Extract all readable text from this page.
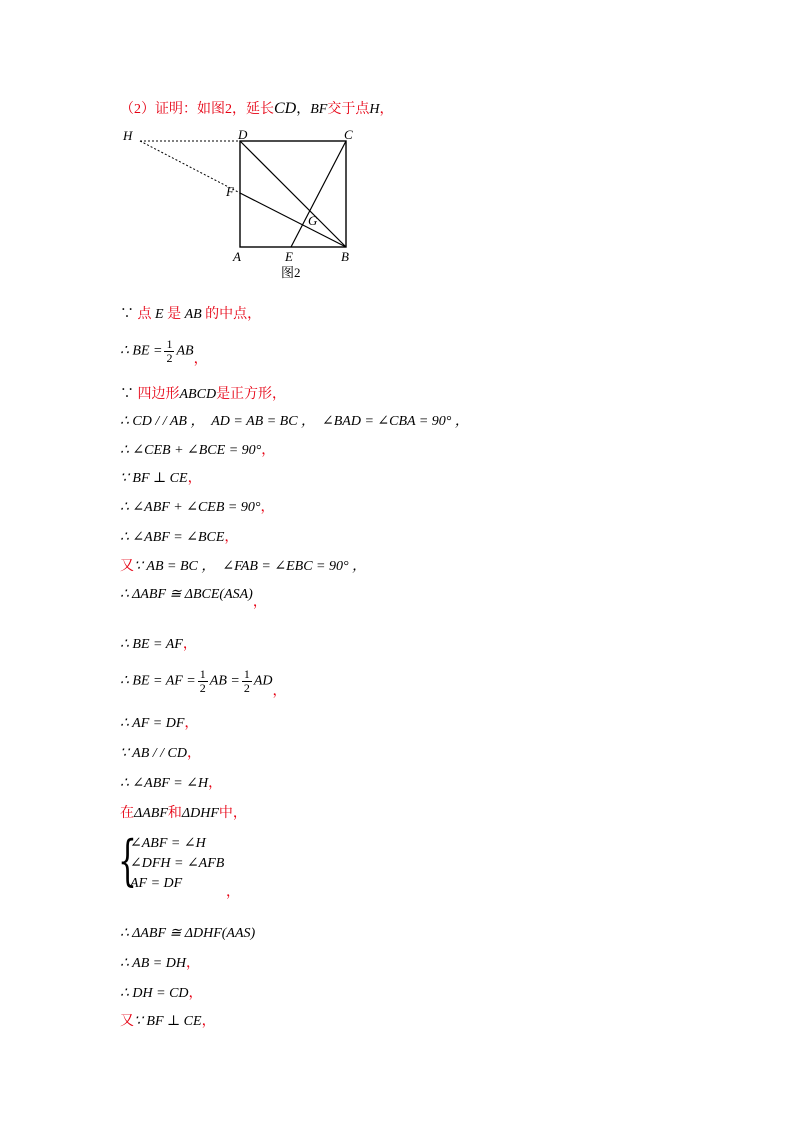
（2）证明：如图2，延长CD，BF交于点H，
H	D	C
F
G
A	E	B
图2
∵ 点 E 是 AB 的中点，
∴ BE = $\frac{1}{2}$ AB，
∵ 四边形ABCD是正方形，
∴ CD / / AB ，  AD = AB = BC ，  ∠BAD = ∠CBA = 90° ，
∴ ∠CEB + ∠BCE = 90°，
∵ BF ⊥ CE，
∴ ∠ABF + ∠CEB = 90°，
∴ ∠ABF = ∠BCE，
又∵ AB = BC ，  ∠FAB = ∠EBC = 90° ，
∴ ΔABF ≅ ΔBCE(ASA)，
∴ BE = AF，
∴ BE = AF = $\frac{1}{2}$ AB = $\frac{1}{2}$ AD，
∴ AF = DF，
∵ AB / / CD，
∴ ∠ABF = ∠H，
在ΔABF和ΔDHF中，
{
∠ABF = ∠H
∠DFH = ∠AFB
AF = DF
，
∴ ΔABF ≅ ΔDHF(AAS)
∴ AB = DH，
∴ DH = CD，
又∵ BF ⊥ CE，
